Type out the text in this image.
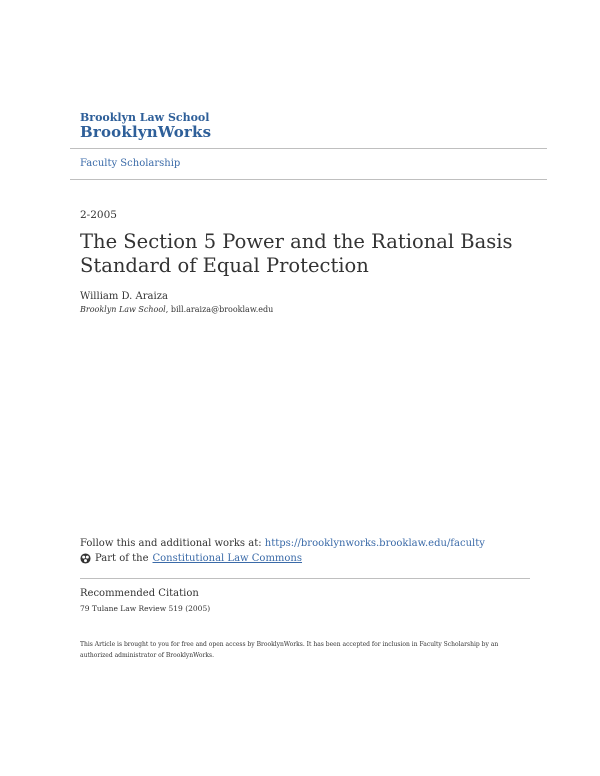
Brooklyn Law School
BrooklynWorks
Faculty Scholarship
2-2005
The Section 5 Power and the Rational Basis Standard of Equal Protection
William D. Araiza
Brooklyn Law School, bill.araiza@brooklaw.edu
Follow this and additional works at: https://brooklynworks.brooklaw.edu/faculty
Part of the Constitutional Law Commons
Recommended Citation
79 Tulane Law Review 519 (2005)
This Article is brought to you for free and open access by BrooklynWorks. It has been accepted for inclusion in Faculty Scholarship by an authorized administrator of BrooklynWorks.
